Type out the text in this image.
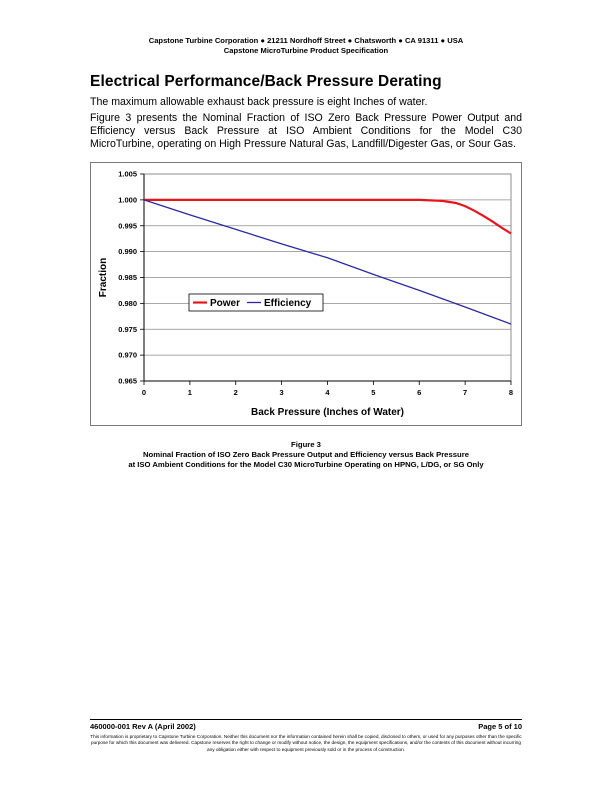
Capstone Turbine Corporation ● 21211 Nordhoff Street ● Chatsworth ● CA 91311 ● USA
Capstone MicroTurbine Product Specification
Electrical Performance/Back Pressure Derating
The maximum allowable exhaust back pressure is eight Inches of water.
Figure 3 presents the Nominal Fraction of ISO Zero Back Pressure Power Output and Efficiency versus Back Pressure at ISO Ambient Conditions for the Model C30 MicroTurbine, operating on High Pressure Natural Gas, Landfill/Digester Gas, or Sour Gas.
1.005
1.000
0.995
0.990
0.985
0.980
0.975
0.970
0.965
0	1	2	3	4	5	6	7	8
Back Pressure (Inches of Water)
Fraction
Power Efficiency
Figure 3
Nominal Fraction of ISO Zero Back Pressure Output and Efficiency versus Back Pressure
at ISO Ambient Conditions for the Model C30 MicroTurbine Operating on HPNG, L/DG, or SG Only
460000-001 Rev A (April 2002)	Page 5 of 10
This information is proprietary to Capstone Turbine Corporation. Neither this document nor the information contained herein shall be copied, disclosed to others, or used for any purposes other than the specific purpose for which this document was delivered. Capstone reserves the right to change or modify without notice, the design, the equipment specifications, and/or the contents of this document without incurring any obligation either with respect to equipment previously sold or in the process of construction.
